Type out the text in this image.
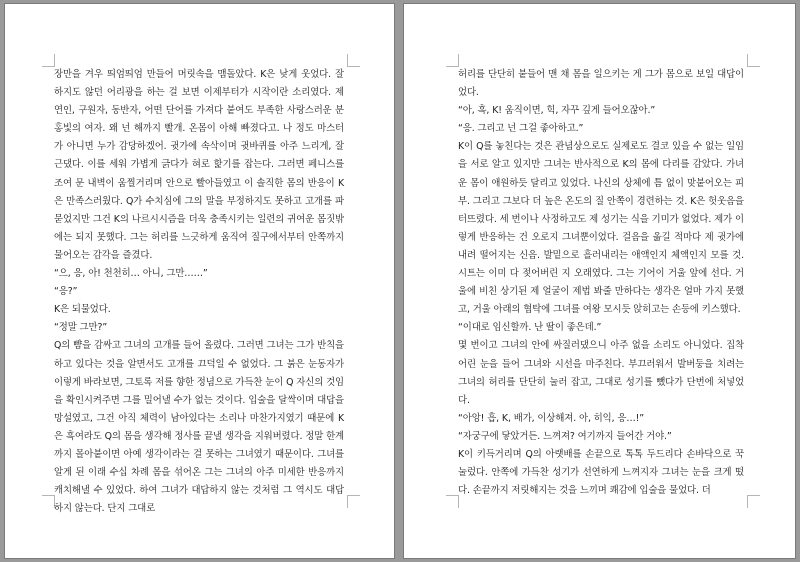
장만을 겨우 띄엄띄엄 만들어 머릿속을 맴돌았다. K은 낮게 웃었다. 잘 하지도 않던 어리광을 하는 걸 보면 이제부터가 시작이란 소리였다. 제 연인, 구원자, 동반자, 어떤 단어를 가져다 붙여도 부족한 사랑스러운 분홍빛의 여자. 왜 넌 해까지 빨개. 온몸이 아해 빠졌다고. 나 정도 마스터가 아니면 누가 감당하겠어. 귓가에 속삭이며 귓바퀴를 아주 느리게, 잘근댔다. 이를 세워 가볍게 긁다가 혀로 핥기를 잡는다. 그러면 페니스를 조여 문 내벽이 움찔거리며 안으로 빨아들였고 이 솔직한 몸의 반응이 K은 만족스러웠다. Q가 수치심에 그의 말을 부정하지도 못하고 고개를 파묻었지만 그건 K의 나르시시즘을 더욱 충족시키는 일련의 귀여운 몸짓밖에는 되지 못했다. 그는 허리를 느긋하게 움직여 질구에서부터 안쪽까지 물어오는 감각을 즐겼다.

“으, 응, 아! 천천히… 아니, 그만……”

“응?”

K은 되물었다.

“정말 그만?”

Q의 뺨을 감싸고 그녀의 고개를 들어 올렸다. 그러면 그녀는 그가 반칙을 하고 있다는 것을 알면서도 고개를 끄덕일 수 없었다. 그 붉은 눈동자가 이렇게 바라보면, 그토록 저를 향한 정념으로 가득찬 눈이 Q 자신의 것임을 확인시켜주면 그를 밀어낼 수가 없는 것이다. 입술을 달싹이며 대답을 망설였고, 그건 아직 체력이 남아있다는 소리나 마찬가지였기 때문에 K은 흑여라도 Q의 몸을 생각해 정사를 끝낼 생각을 지워버렸다. 정말 한계까지 몰아붙이면 아예 생각이라는 걸 못하는 그녀였기 때문이다. 그녀를 알게 된 이래 수십 차례 몸을 섞어온 그는 그녀의 아주 미세한 반응까지 캐치해낼 수 있었다. 하여 그녀가 대답하지 않는 것처럼 그 역시도 대답하지 않는다. 단지 그대로

허리를 단단히 붙들어 맨 채 몸을 일으키는 게 그가 몸으로 보일 대답이었다.

“아, 흑, K! 움직이면, 힉, 자꾸 깊게 들어오잖아.”

“응. 그리고 넌 그걸 좋아하고.”

K이 Q를 놓친다는 것은 관념상으로도 실제로도 결코 있을 수 없는 일임을 서로 알고 있지만 그녀는 반사적으로 K의 몸에 다리를 감았다. 가녀운 몸이 애원하듯 달리고 있었다. 나신의 상체에 틈 없이 맞붙어오는 피부. 그리고 그보다 더 높은 온도의 질 안쪽이 경련하는 것. K은 헛웃음을 터뜨렸다. 세 번이나 사정하고도 제 성기는 식을 기미가 없었다. 제가 이렇게 반응하는 건 오로지 그녀뿐이었다. 걸음을 옮길 적마다 제 귓가에 내려 떨어지는 신음. 발밑으로 흘러내리는 애액인지 체액인지 모를 것. 시트는 이미 다 젖어버린 지 오래였다. 그는 기어이 거울 앞에 선다. 거울에 비친 상기된 제 얼굴이 제법 봐줄 만하다는 생각은 얼마 가지 못했고, 거울 아래의 협탁에 그녀를 여왕 모시듯 앉히고는 손등에 키스했다.

“이대로 임신할까. 난 딸이 좋은데.”

몇 번이고 그녀의 안에 싸질러댔으니 아주 없을 소리도 아니었다. 집착 어린 눈을 들어 그녀와 시선을 마주친다. 부끄러워서 발버둥을 치려는 그녀의 허리를 단단히 눌러 잡고, 그대로 성기를 뺐다가 단번에 처넣었다.

“아앙! 흡, K, 배가, 이상해져. 아, 히익, 응…!”

“자궁구에 닿았거든. 느껴져? 여기까지 들어간 거야.”

K이 키득거리며 Q의 아랫배를 손끝으로 톡톡 두드리다 손바닥으로 꾹 눌렀다. 안쪽에 가득찬 성기가 선연하게 느껴지자 그녀는 눈을 크게 떴다. 손끝까지 저릿해지는 것을 느끼며 쾌감에 입술을 물었다. 더
